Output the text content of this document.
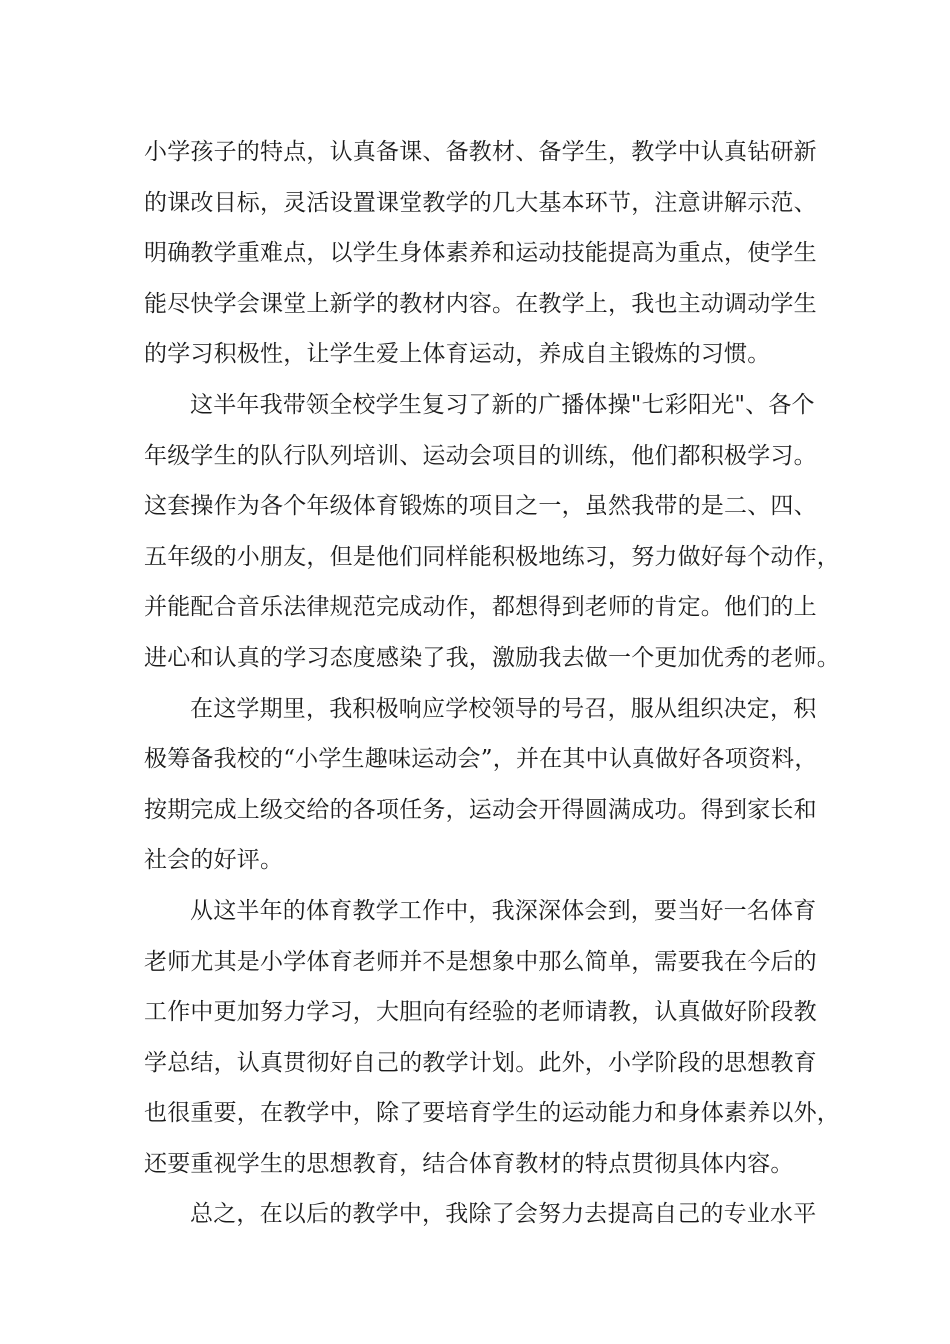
小学孩子的特点，认真备课、备教材、备学生，教学中认真钻研新
的课改目标，灵活设置课堂教学的几大基本环节，注意讲解示范、
明确教学重难点，以学生身体素养和运动技能提高为重点，使学生
能尽快学会课堂上新学的教材内容。在教学上，我也主动调动学生
的学习积极性，让学生爱上体育运动，养成自主锻炼的习惯。
这半年我带领全校学生复习了新的广播体操"七彩阳光"、各个
年级学生的队行队列培训、运动会项目的训练，他们都积极学习。
这套操作为各个年级体育锻炼的项目之一，虽然我带的是二、四、
五年级的小朋友，但是他们同样能积极地练习，努力做好每个动作，
并能配合音乐法律规范完成动作，都想得到老师的肯定。他们的上
进心和认真的学习态度感染了我，激励我去做一个更加优秀的老师。
在这学期里，我积极响应学校领导的号召，服从组织决定，积
极筹备我校的“小学生趣味运动会”，并在其中认真做好各项资料，
按期完成上级交给的各项任务，运动会开得圆满成功。得到家长和
社会的好评。
从这半年的体育教学工作中，我深深体会到，要当好一名体育
老师尤其是小学体育老师并不是想象中那么简单，需要我在今后的
工作中更加努力学习，大胆向有经验的老师请教，认真做好阶段教
学总结，认真贯彻好自己的教学计划。此外，小学阶段的思想教育
也很重要，在教学中，除了要培育学生的运动能力和身体素养以外，
还要重视学生的思想教育，结合体育教材的特点贯彻具体内容。
总之，在以后的教学中，我除了会努力去提高自己的专业水平
